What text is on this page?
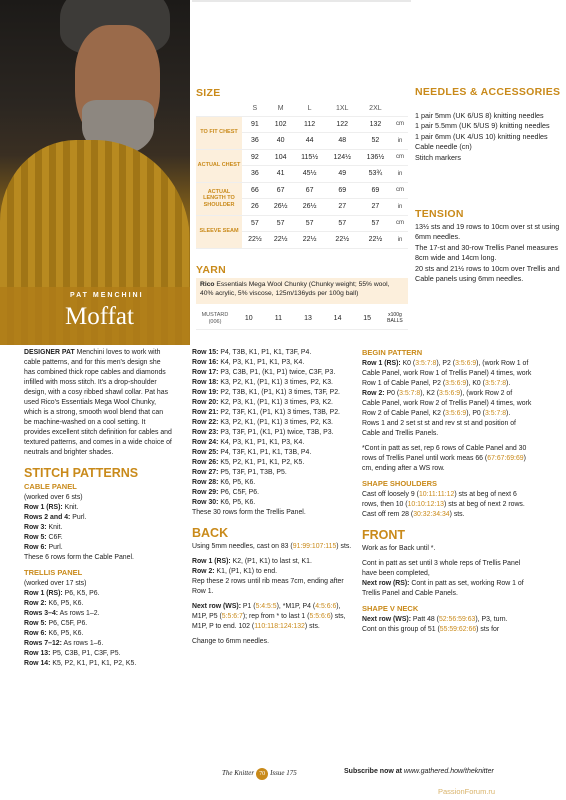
PAT MENCHINI
Moffat
SIZE
	S	M	L	1XL	2XL	
TO FIT CHEST	91	102	112	122	132	cm
	36	40	44	48	52	in
ACTUAL CHEST	92	104	115½	124½	136½	cm
	36	41	45½	49	53¾	in
ACTUAL LENGTH TO SHOULDER	66	67	67	69	69	cm
	26	26½	26½	27	27	in
SLEEVE SEAM	57	57	57	57	57	cm
	22½	22½	22½	22½	22½	in
YARN
Rico Essentials Mega Wool Chunky (Chunky weight; 55% wool, 40% acrylic, 5% viscose, 125m/136yds per 100g ball)
MUSTARD (006)	10	11	13	14	15	x100g BALLS
NEEDLES & ACCESSORIES

1 pair 5mm (UK 6/US 8) knitting needles

1 pair 5.5mm (UK 5/US 9) knitting needles

1 pair 6mm (UK 4/US 10) knitting needles

Cable needle (cn)

Stitch markers

TENSION

13½ sts and 19 rows to 10cm over st st using 6mm needles.

The 17-st and 30-row Trellis Panel measures 8cm wide and 14cm long.

20 sts and 21½ rows to 10cm over Trellis and Cable panels using 6mm needles.

DESIGNER PAT Menchini loves to work with cable patterns, and for this men's design she has combined thick rope cables and diamonds infilled with moss stitch. It's a drop-shoulder design, with a cosy ribbed shawl collar. Pat has used Rico's Essentials Mega Wool Chunky, which is a strong, smooth wool blend that can be machine-washed on a cool setting. It provides excellent stitch definition for cables and textured patterns, and comes in a wide choice of neutrals and brighter shades.

STITCH PATTERNS
CABLE PANEL

(worked over 6 sts)

Row 1 (RS): Knit.

Rows 2 and 4: Purl.

Row 3: Knit.

Row 5: C6F.

Row 6: Purl.

These 6 rows form the Cable Panel.

TRELLIS PANEL

(worked over 17 sts)

Row 1 (RS): P6, K5, P6.

Row 2: K6, P5, K6.

Rows 3–4: As rows 1–2.

Row 5: P6, C5F, P6.

Row 6: K6, P5, K6.

Rows 7–12: As rows 1–6.

Row 13: P5, C3B, P1, C3F, P5.

Row 14: K5, P2, K1, P1, K1, P2, K5.

Row 15: P4, T3B, K1, P1, K1, T3F, P4.

Row 16: K4, P3, K1, P1, K1, P3, K4.

Row 17: P3, C3B, P1, (K1, P1) twice, C3F, P3.

Row 18: K3, P2, K1, (P1, K1) 3 times, P2, K3.

Row 19: P2, T3B, K1, (P1, K1) 3 times, T3F, P2.

Row 20: K2, P3, K1, (P1, K1) 3 times, P3, K2.

Row 21: P2, T3F, K1, (P1, K1) 3 times, T3B, P2.

Row 22: K3, P2, K1, (P1, K1) 3 times, P2, K3.

Row 23: P3, T3F, P1, (K1, P1) twice, T3B, P3.

Row 24: K4, P3, K1, P1, K1, P3, K4.

Row 25: P4, T3F, K1, P1, K1, T3B, P4.

Row 26: K5, P2, K1, P1, K1, P2, K5.

Row 27: P5, T3F, P1, T3B, P5.

Row 28: K6, P5, K6.

Row 29: P6, C5F, P6.

Row 30: K6, P5, K6.

These 30 rows form the Trellis Panel.

BACK

Using 5mm needles, cast on 83 (91:99:107:115) sts.

Row 1 (RS): K2, (P1, K1) to last st, K1.

Row 2: K1, (P1, K1) to end.

Rep these 2 rows until rib meas 7cm, ending after Row 1.

Next row (WS): P1 (5:4:5:5), *M1P, P4 (4:5:6:6), M1P, P5 (5:5:6:7); rep from * to last 1 (5:5:6:6) sts, M1P, P to end. 102 (110:118:124:132) sts.

Change to 6mm needles.

BEGIN PATTERN

Row 1 (RS): K0 (3:5:7:8), P2 (3:5:6:9), (work Row 1 of Cable Panel, work Row 1 of Trellis Panel) 4 times, work Row 1 of Cable Panel, P2 (3:5:6:9), K0 (3:5:7:8).

Row 2: P0 (3:5:7:8), K2 (3:5:6:9), (work Row 2 of Cable Panel, work Row 2 of Trellis Panel) 4 times, work Row 2 of Cable Panel, K2 (3:5:6:9), P0 (3:5:7:8).

Rows 1 and 2 set st st and rev st st and position of Cable and Trellis Panels.

*Cont in patt as set, rep 6 rows of Cable Panel and 30 rows of Trellis Panel until work meas 66 (67:67:69:69) cm, ending after a WS row.

SHAPE SHOULDERS

Cast off loosely 9 (10:11:11:12) sts at beg of next 6 rows, then 10 (10:10:12:13) sts at beg of next 2 rows.

Cast off rem 28 (30:32:34:34) sts.

FRONT

Work as for Back until *.

Cont in patt as set until 3 whole reps of Trellis Panel have been completed,

Next row (RS): Cont in patt as set, working Row 1 of Trellis Panel and Cable Panels.

SHAPE V NECK

Next row (WS): Patt 48 (52:56:59:63), P3, turn.

Cont on this group of 51 (55:59:62:66) sts for

The Knitter 70 Issue 175	Subscribe now at www.gathered.how/theknitter
PassionForum.ru
